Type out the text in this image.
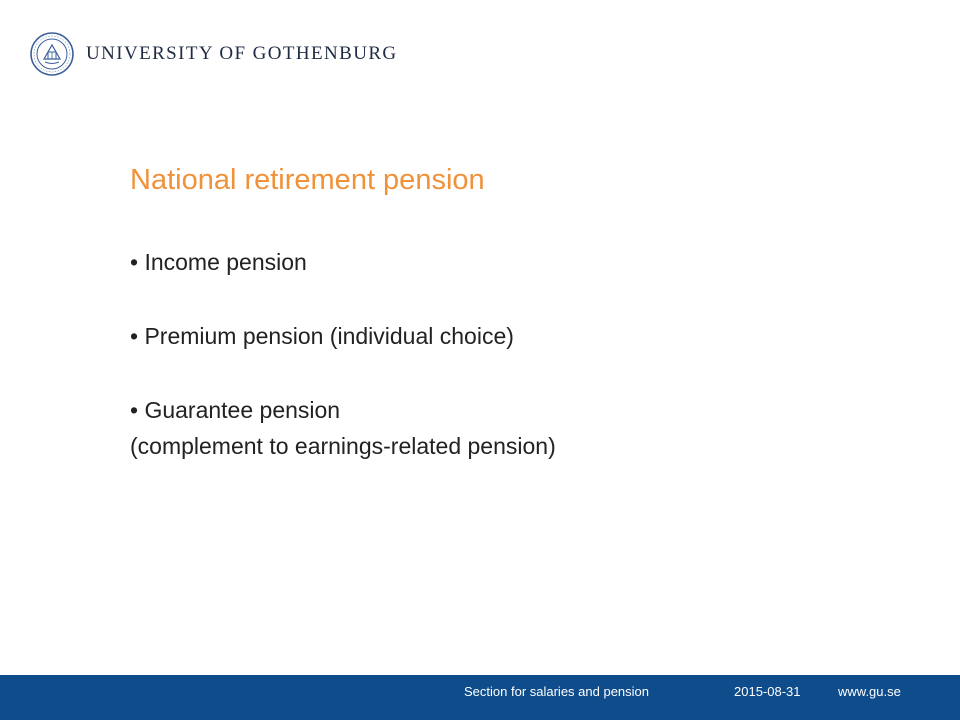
UNIVERSITY OF GOTHENBURG
National retirement pension
• Income pension
• Premium pension (individual choice)
• Guarantee pension
(complement to earnings-related pension)
Section for salaries and pension	2015-08-31	www.gu.se
